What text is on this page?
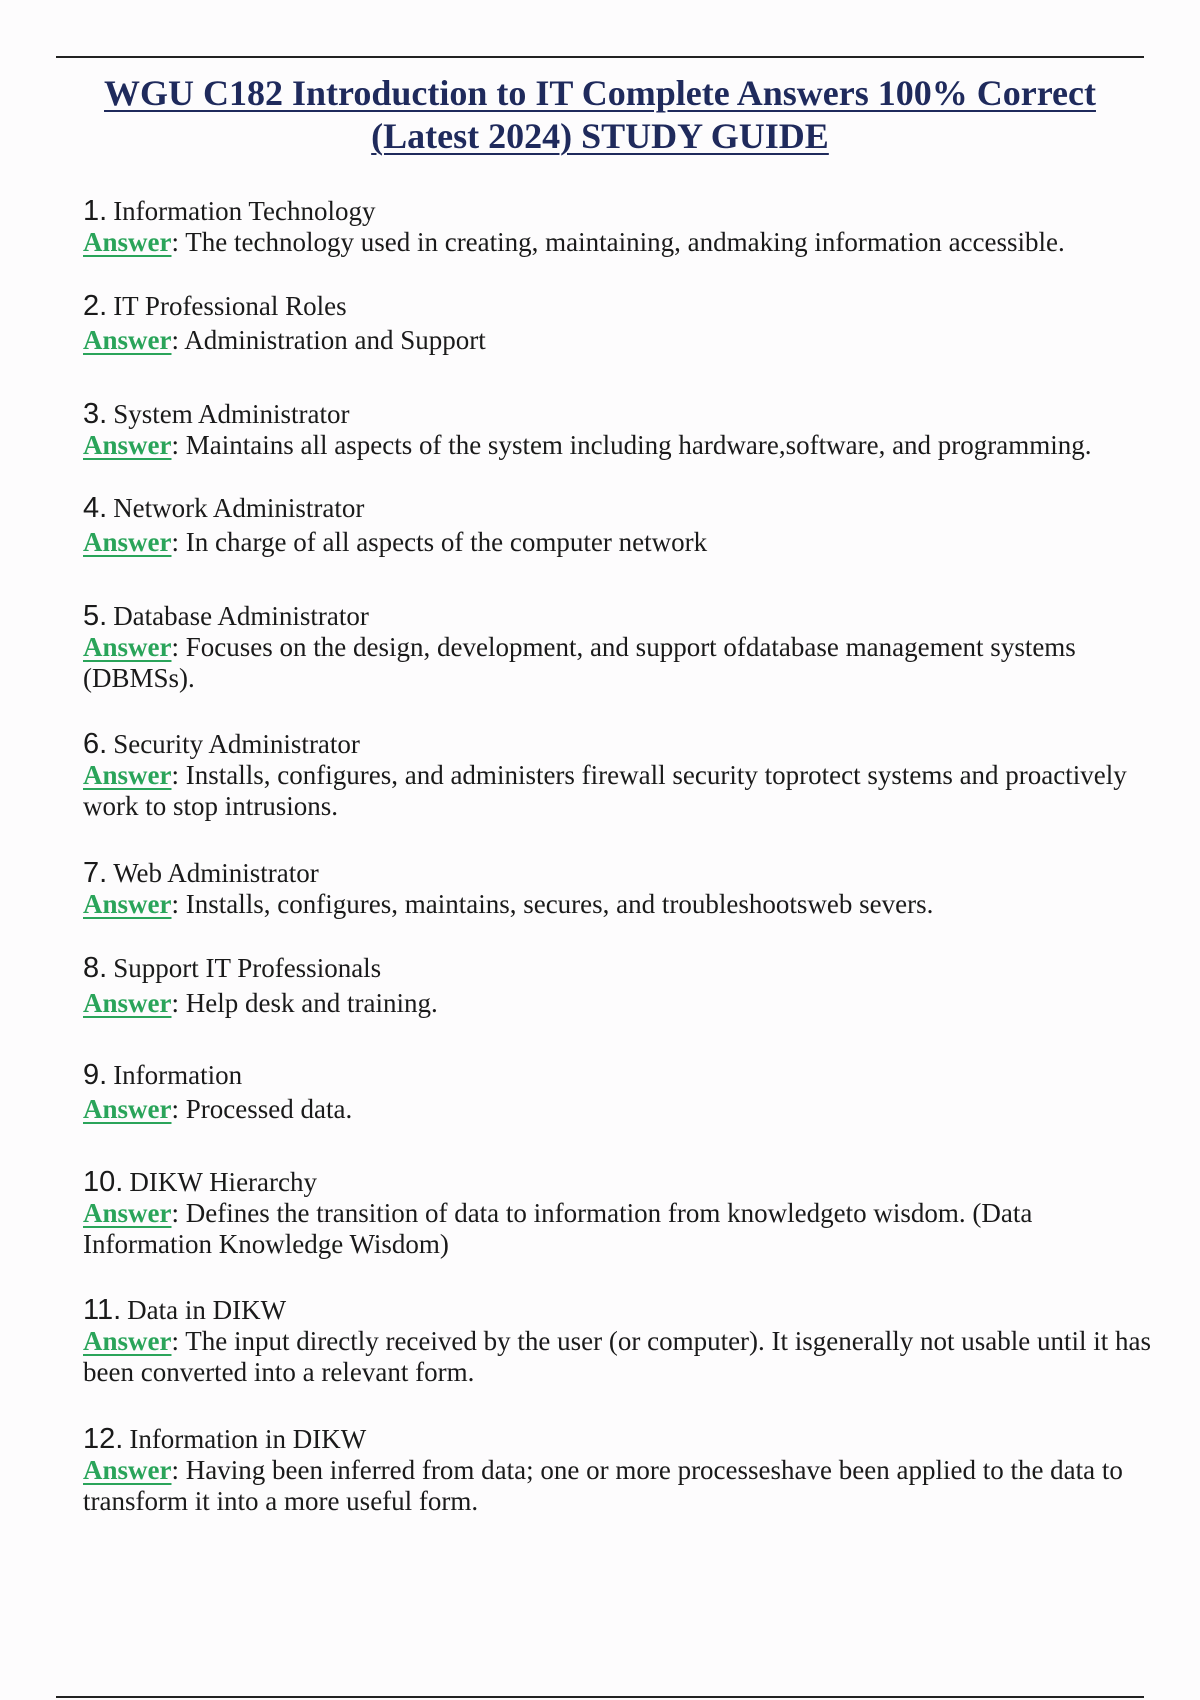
WGU C182 Introduction to IT Complete Answers 100% Correct
(Latest 2024) STUDY GUIDE
1. Information Technology
Answer: The technology used in creating, maintaining, andmaking information accessible.
2. IT Professional Roles
Answer: Administration and Support
3. System Administrator
Answer: Maintains all aspects of the system including hardware,software, and programming.
4. Network Administrator
Answer: In charge of all aspects of the computer network
5. Database Administrator
Answer: Focuses on the design, development, and support ofdatabase management systems (DBMSs).
6. Security Administrator
Answer: Installs, configures, and administers firewall security toprotect systems and proactively work to stop intrusions.
7. Web Administrator
Answer: Installs, configures, maintains, secures, and troubleshootsweb severs.
8. Support IT Professionals
Answer: Help desk and training.
9. Information
Answer: Processed data.
10. DIKW Hierarchy
Answer: Defines the transition of data to information from knowledgeto wisdom. (Data Information Knowledge Wisdom)
11. Data in DIKW
Answer: The input directly received by the user (or computer). It isgenerally not usable until it has been converted into a relevant form.
12. Information in DIKW
Answer: Having been inferred from data; one or more processeshave been applied to the data to transform it into a more useful form.
